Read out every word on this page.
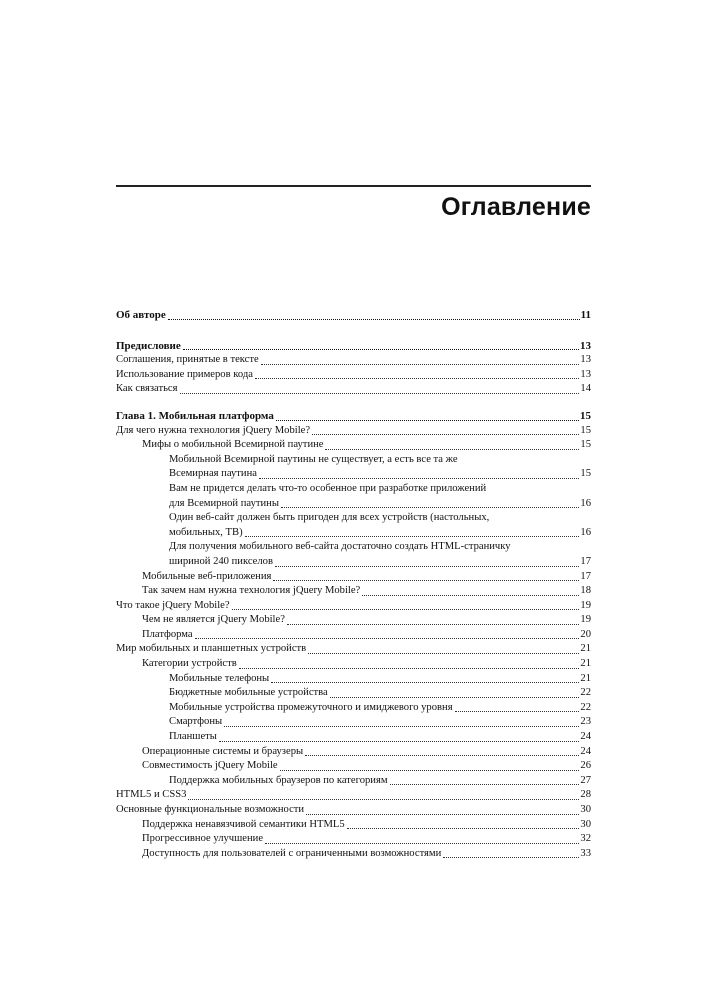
Оглавление
Об авторе	11
Предисловие	13
Соглашения, принятые в тексте	13
Использование примеров кода	13
Как связаться	14
Глава 1. Мобильная платформа	15
Для чего нужна технология jQuery Mobile?	15
Мифы о мобильной Всемирной паутине	15
Мобильной Всемирной паутины не существует, а есть все та же
Всемирная паутина	15
Вам не придется делать что-то особенное при разработке приложений
для Всемирной паутины	16
Один веб-сайт должен быть пригоден для всех устройств (настольных,
мобильных, ТВ)	16
Для получения мобильного веб-сайта достаточно создать HTML-страничку
шириной 240 пикселов	17
Мобильные веб-приложения	17
Так зачем нам нужна технология jQuery Mobile?	18
Что такое jQuery Mobile?	19
Чем не является jQuery Mobile?	19
Платформа	20
Мир мобильных и планшетных устройств	21
Категории устройств	21
Мобильные телефоны	21
Бюджетные мобильные устройства	22
Мобильные устройства промежуточного и имиджевого уровня	22
Смартфоны	23
Планшеты	24
Операционные системы и браузеры	24
Совместимость jQuery Mobile	26
Поддержка мобильных браузеров по категориям	27
HTML5 и CSS3	28
Основные функциональные возможности	30
Поддержка ненавязчивой семантики HTML5	30
Прогрессивное улучшение	32
Доступность для пользователей с ограниченными возможностями	33
